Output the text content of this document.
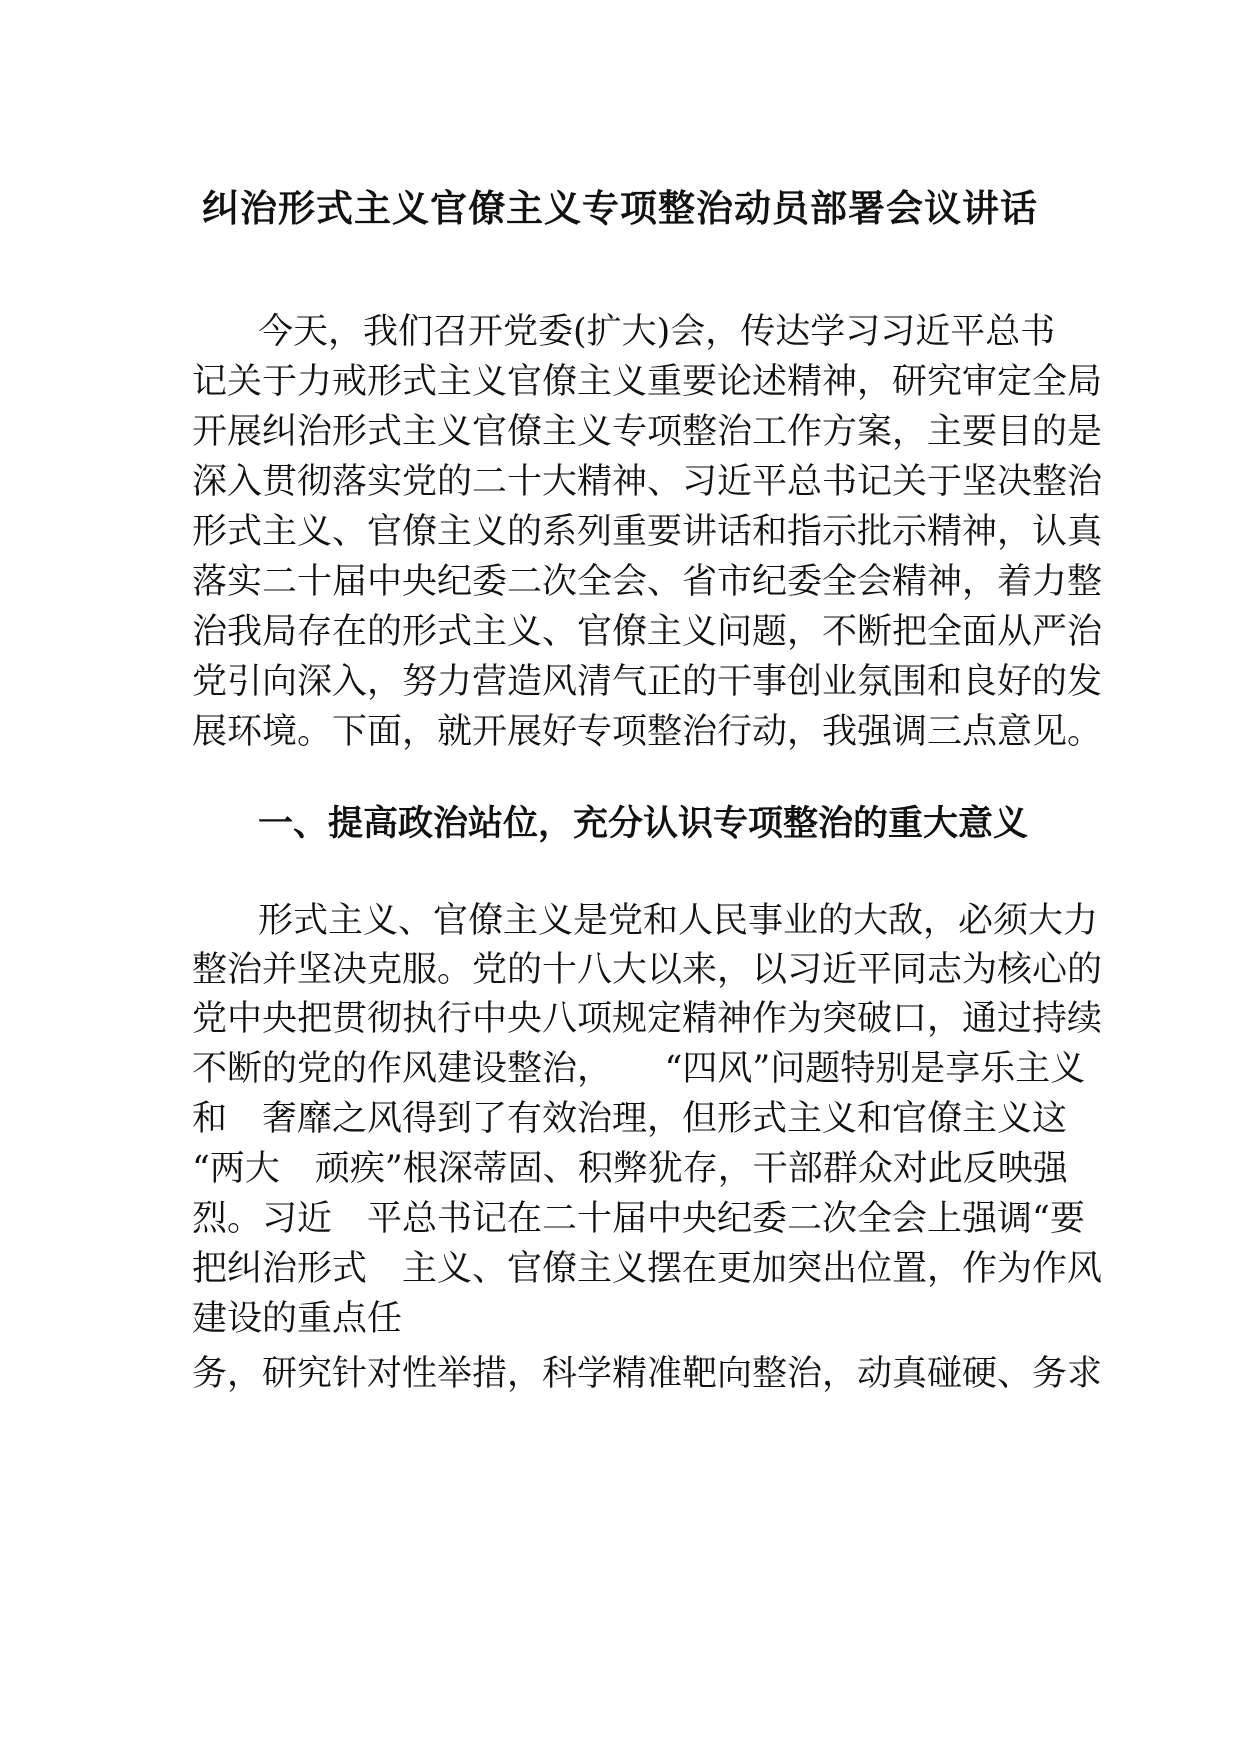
纠治形式主义官僚主义专项整治动员部署会议讲话
今天，我们召开党委(扩大)会，传达学习习近平总书
记关于力戒形式主义官僚主义重要论述精神，研究审定全局
开展纠治形式主义官僚主义专项整治工作方案，主要目的是
深入贯彻落实党的二十大精神、习近平总书记关于坚决整治
形式主义、官僚主义的系列重要讲话和指示批示精神，认真
落实二十届中央纪委二次全会、省市纪委全会精神，着力整
治我局存在的形式主义、官僚主义问题，不断把全面从严治
党引向深入，努力营造风清气正的干事创业氛围和良好的发
展环境。下面，就开展好专项整治行动，我强调三点意见。
一、提高政治站位，充分认识专项整治的重大意义
形式主义、官僚主义是党和人民事业的大敌，必须大力
整治并坚决克服。党的十八大以来，以习近平同志为核心的
党中央把贯彻执行中央八项规定精神作为突破口，通过持续
不断的党的作风建设整治，　　“四风”问题特别是享乐主义
和　奢靡之风得到了有效治理，但形式主义和官僚主义这
“两大　顽疾”根深蒂固、积弊犹存，干部群众对此反映强
烈。习近　平总书记在二十届中央纪委二次全会上强调“要
把纠治形式　主义、官僚主义摆在更加突出位置，作为作风
建设的重点任
务，研究针对性举措，科学精准靶向整治，动真碰硬、务求
